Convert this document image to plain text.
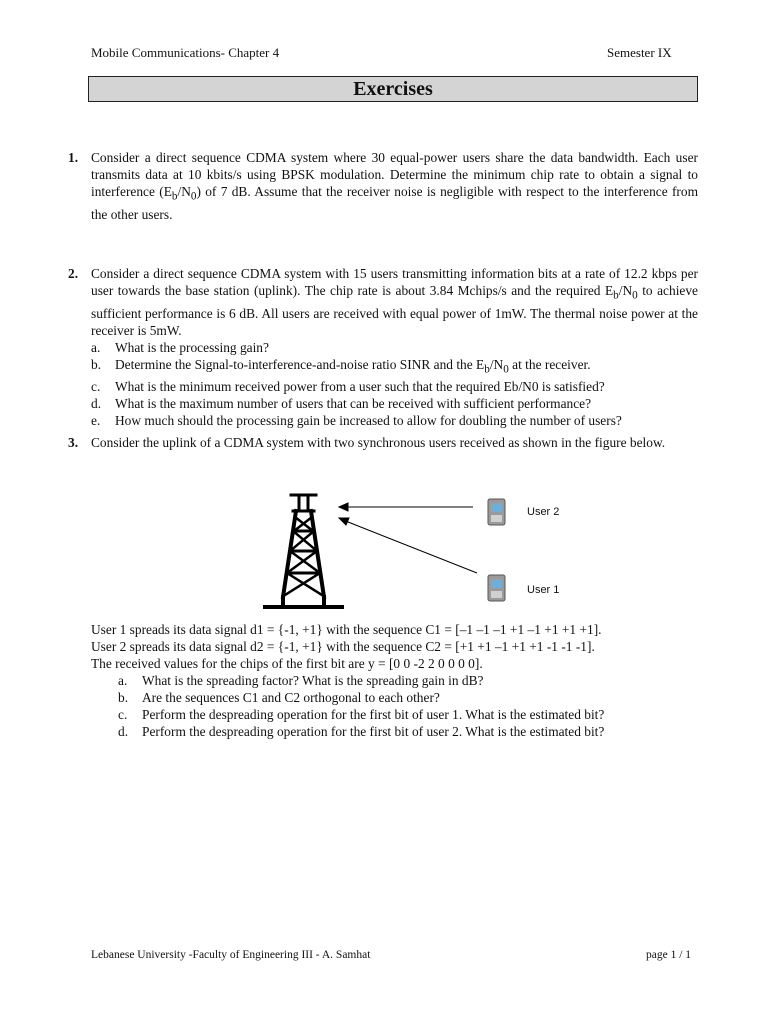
Mobile Communications- Chapter 4	Semester IX
Exercises
1. Consider a direct sequence CDMA system where 30 equal-power users share the data bandwidth. Each user transmits data at 10 kbits/s using BPSK modulation. Determine the minimum chip rate to obtain a signal to interference $(E_b/N_0)$ of 7 dB. Assume that the receiver noise is negligible with respect to the interference from the other users.

2. Consider a direct sequence CDMA system with 15 users transmitting information bits at a rate of 12.2 kbps per user towards the base station (uplink). The chip rate is about 3.84 Mchips/s and the required $E_b/N_0$ to achieve sufficient performance is 6 dB. All users are received with equal power of 1mW. The thermal noise power at the receiver is 5mW.

a.	What is the processing gain?
b.	Determine the Signal-to-interference-and-noise ratio SINR and the $E_b/N_0$ at the receiver.
c.	What is the minimum received power from a user such that the required Eb/N0 is satisfied?
d.	What is the maximum number of users that can be received with sufficient performance?
e.	How much should the processing gain be increased to allow for doubling the number of users?
3. Consider the uplink of a CDMA system with two synchronous users received as shown in the figure below.

User 2
User 1

User 1 spreads its data signal d1 = {-1, +1} with the sequence C1 = [–1 –1 –1 +1 –1 +1 +1 +1].

User 2 spreads its data signal d2 = {-1, +1} with the sequence C2 = [+1 +1 –1 +1 +1 -1 -1 -1].

The received values for the chips of the first bit are y = [0 0 -2 2 0 0 0 0].

a.	What is the spreading factor? What is the spreading gain in dB?
b.	Are the sequences C1 and C2 orthogonal to each other?
c.	Perform the despreading operation for the first bit of user 1. What is the estimated bit?
d.	Perform the despreading operation for the first bit of user 2. What is the estimated bit?
Lebanese University -Faculty of Engineering III - A. Samhat	page 1 / 1
